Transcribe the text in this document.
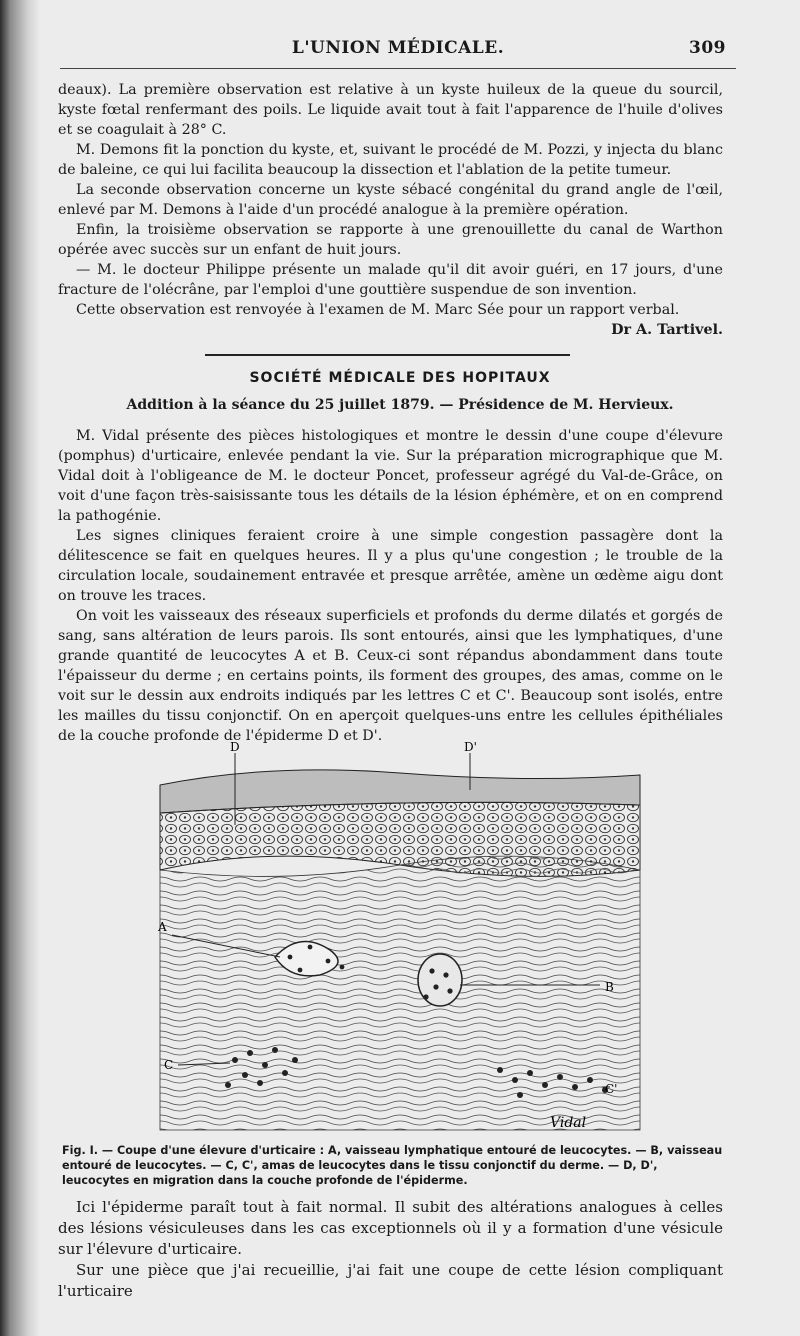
L'UNION MÉDICALE.	309

deaux). La première observation est relative à un kyste huileux de la queue du sourcil, kyste fœtal renfermant des poils. Le liquide avait tout à fait l'apparence de l'huile d'olives et se coagulait à 28° C.

M. Demons fit la ponction du kyste, et, suivant le procédé de M. Pozzi, y injecta du blanc de baleine, ce qui lui facilita beaucoup la dissection et l'ablation de la petite tumeur.

La seconde observation concerne un kyste sébacé congénital du grand angle de l'œil, enlevé par M. Demons à l'aide d'un procédé analogue à la première opération.

Enfin, la troisième observation se rapporte à une grenouillette du canal de Warthon opérée avec succès sur un enfant de huit jours.

— M. le docteur Philippe présente un malade qu'il dit avoir guéri, en 17 jours, d'une fracture de l'olécrâne, par l'emploi d'une gouttière suspendue de son invention.

Cette observation est renvoyée à l'examen de M. Marc Sée pour un rapport verbal.

Dr A. Tartivel.

SOCIÉTÉ MÉDICALE DES HOPITAUX
Addition à la séance du 25 juillet 1879. — Présidence de M. Hervieux.

M. Vidal présente des pièces histologiques et montre le dessin d'une coupe d'élevure (pomphus) d'urticaire, enlevée pendant la vie. Sur la préparation micrographique que M. Vidal doit à l'obligeance de M. le docteur Poncet, professeur agrégé du Val-de-Grâce, on voit d'une façon très-saisissante tous les détails de la lésion éphémère, et on en comprend la pathogénie.

Les signes cliniques feraient croire à une simple congestion passagère dont la délitescence se fait en quelques heures. Il y a plus qu'une congestion ; le trouble de la circulation locale, soudainement entravée et presque arrêtée, amène un œdème aigu dont on trouve les traces.

On voit les vaisseaux des réseaux superficiels et profonds du derme dilatés et gorgés de sang, sans altération de leurs parois. Ils sont entourés, ainsi que les lymphatiques, d'une grande quantité de leucocytes A et B. Ceux-ci sont répandus abondamment dans toute l'épaisseur du derme ; en certains points, ils forment des groupes, des amas, comme on le voit sur le dessin aux endroits indiqués par les lettres C et C'. Beaucoup sont isolés, entre les mailles du tissu conjonctif. On en aperçoit quelques-uns entre les cellules épithéliales de la couche profonde de l'épiderme D et D'.

D	D'
A
B
C
C'
Vidal
Fig. I. — Coupe d'une élevure d'urticaire : A, vaisseau lymphatique entouré de leucocytes. — B, vaisseau entouré de leucocytes. — C, C', amas de leucocytes dans le tissu conjonctif du derme. — D, D', leucocytes en migration dans la couche profonde de l'épiderme.

Ici l'épiderme paraît tout à fait normal. Il subit des altérations analogues à celles des lésions vésiculeuses dans les cas exceptionnels où il y a formation d'une vésicule sur l'élevure d'urticaire.

Sur une pièce que j'ai recueillie, j'ai fait une coupe de cette lésion compliquant l'urticaire
